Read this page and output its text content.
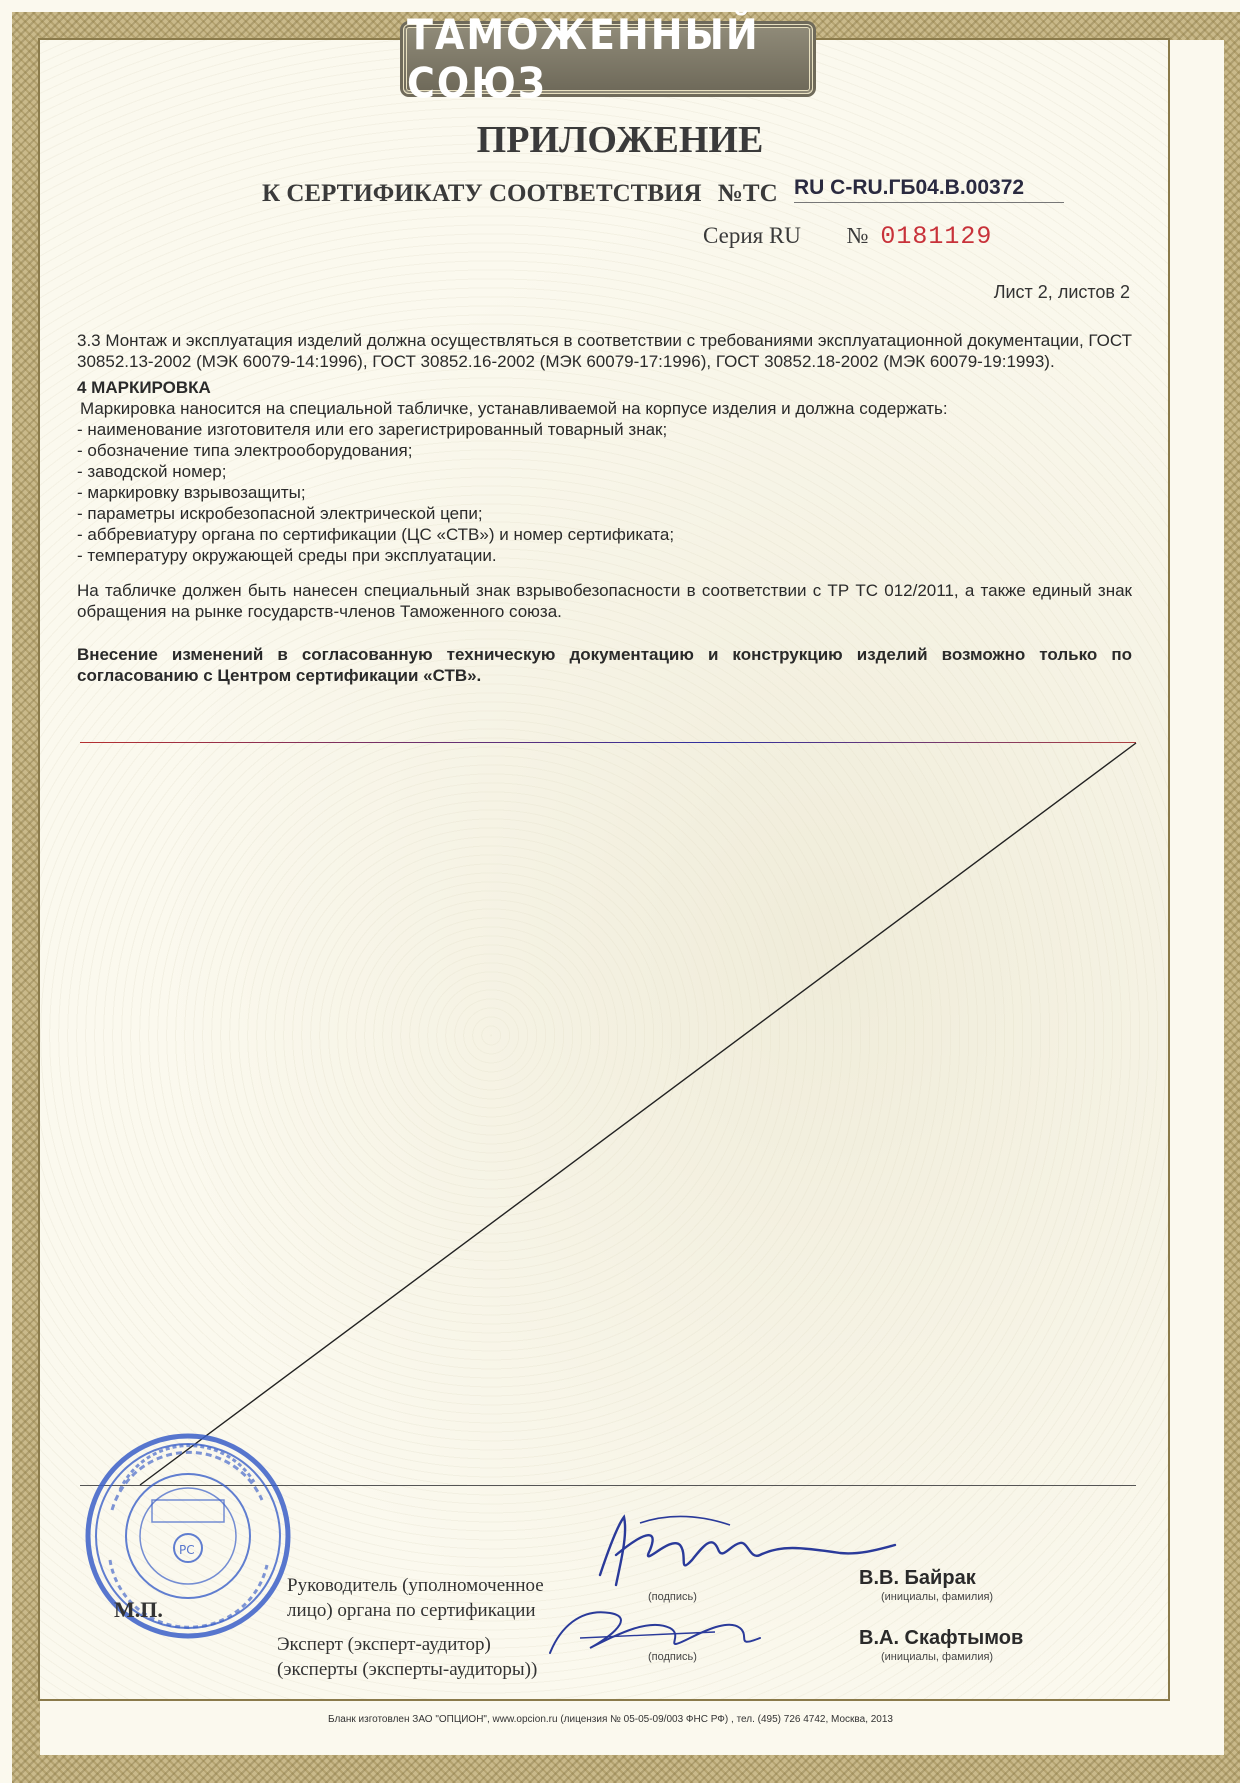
ТАМОЖЕННЫЙ СОЮЗ
ПРИЛОЖЕНИЕ
К СЕРТИФИКАТУ СООТВЕТСТВИЯ №ТС RU C-RU.ГБ04.В.00372
Серия RU № 0181129
Лист 2, листов 2

3.3 Монтаж и эксплуатация изделий должна осуществляться в соответствии с требованиями эксплуатационной документации, ГОСТ 30852.13-2002 (МЭК 60079-14:1996), ГОСТ 30852.16-2002 (МЭК 60079-17:1996), ГОСТ 30852.18-2002 (МЭК 60079-19:1993).

4 МАРКИРОВКА

Маркировка наносится на специальной табличке, устанавливаемой на корпусе изделия и должна содержать:

- наименование изготовителя или его зарегистрированный товарный знак;

- обозначение типа электрооборудования;

- заводской номер;

- маркировку взрывозащиты;

- параметры искробезопасной электрической цепи;

- аббревиатуру органа по сертификации (ЦС «СТВ») и номер сертификата;

- температуру окружающей среды при эксплуатации.

На табличке должен быть нанесен специальный знак взрывобезопасности в соответствии с ТР ТС 012/2011, а также единый знак обращения на рынке государств-членов Таможенного союза.

Внесение изменений в согласованную техническую документацию и конструкцию изделий возможно только по согласованию с Центром сертификации «СТВ».

РС
М.П.
Руководитель (уполномоченное
лицо) органа по сертификации
(подпись)
В.В. Байрак
(инициалы, фамилия)
Эксперт (эксперт-аудитор)
(эксперты (эксперты-аудиторы))
(подпись)
В.А. Скафтымов
(инициалы, фамилия)
Бланк изготовлен ЗАО "ОПЦИОН", www.opcion.ru (лицензия № 05-05-09/003 ФНС РФ) , тел. (495) 726 4742, Москва, 2013
